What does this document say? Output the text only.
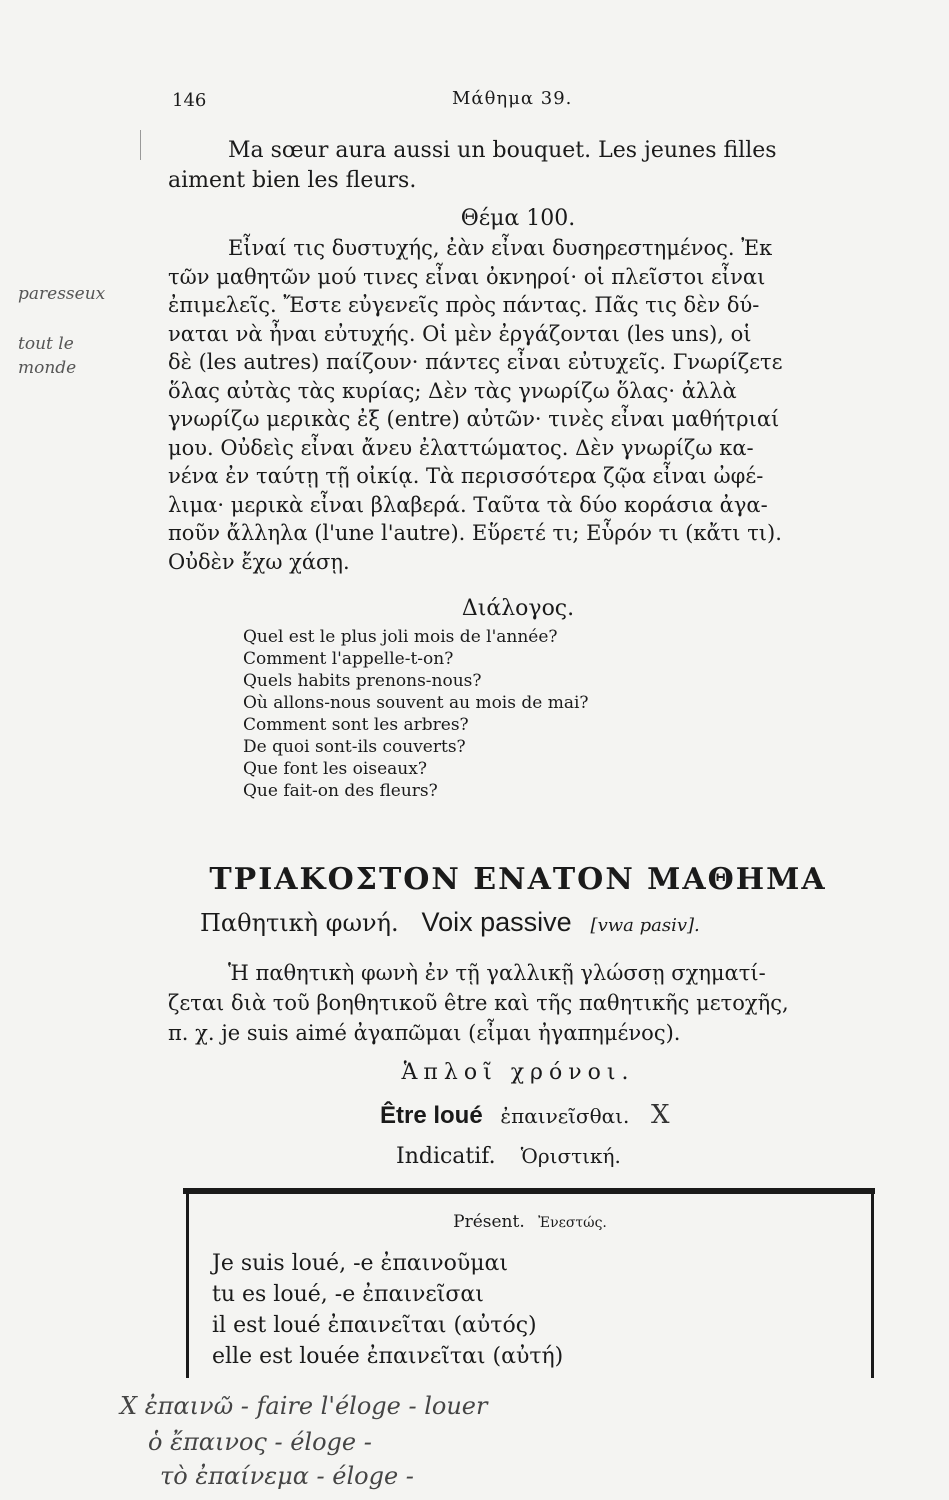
146	Μάθημα 39.

Ma sœur aura aussi un bouquet. Les jeunes filles

aiment bien les fleurs.

Θέμα 100.

Εἶναί τις δυστυχής, ἐὰν εἶναι δυσηρεστημένος. Ἐκ

τῶν μαθητῶν μού τινες εἶναι ὀκνηροί· οἱ πλεῖστοι εἶναι

ἐπιμελεῖς. Ἔστε εὐγενεῖς πρὸς πάντας. Πᾶς τις δὲν δύ-

ναται νὰ ἦναι εὐτυχής. Οἱ μὲν ἐργάζονται (les uns), οἱ

δὲ (les autres) παίζουν· πάντες εἶναι εὐτυχεῖς. Γνωρίζετε

ὅλας αὐτὰς τὰς κυρίας; Δὲν τὰς γνωρίζω ὅλας· ἀλλὰ

γνωρίζω μερικὰς ἐξ (entre) αὐτῶν· τινὲς εἶναι μαθήτριαί

μου. Οὐδεὶς εἶναι ἄνευ ἐλαττώματος. Δὲν γνωρίζω κα-

νένα ἐν ταύτῃ τῇ οἰκίᾳ. Τὰ περισσότερα ζῷα εἶναι ὠφέ-

λιμα· μερικὰ εἶναι βλαβερά. Ταῦτα τὰ δύο κοράσια ἀγα-

ποῦν ἄλληλα (l'une l'autre). Εὕρετέ τι; Εὗρόν τι (κἄτι τι).

Οὐδὲν ἔχω χάσῃ.

paresseux
tout le
monde
Διάλογος.
Quel est le plus joli mois de l'année?
Comment l'appelle-t-on?
Quels habits prenons-nous?
Où allons-nous souvent au mois de mai?
Comment sont les arbres?
De quoi sont-ils couverts?
Que font les oiseaux?
Que fait-on des fleurs?
ΤΡΙΑΚΟΣΤΟΝ ΕΝΑΤΟΝ ΜΑΘΗΜΑ
Παθητικὴ φωνή. Voix passive [vwa pasiv].

Ἡ παθητικὴ φωνὴ ἐν τῇ γαλλικῇ γλώσσῃ σχηματί-

ζεται διὰ τοῦ βοηθητικοῦ être καὶ τῆς παθητικῆς μετοχῆς,

π. χ. je suis aimé ἀγαπῶμαι (εἶμαι ἠγαπημένος).

Ἁπλοῖ χρόνοι.
Être loué ἐπαινεῖσθαι. X
Indicatif. Ὁριστική.
Présent. Ἐνεστώς.
Je suis loué, -e ἐπαινοῦμαι
tu es loué, -e ἐπαινεῖσαι
il est loué ἐπαινεῖται (αὐτός)
elle est louée ἐπαινεῖται (αὐτή)
X ἐπαινῶ - faire l'éloge - louer
ὁ ἔπαινος - éloge -
τὸ ἐπαίνεμα - éloge -
